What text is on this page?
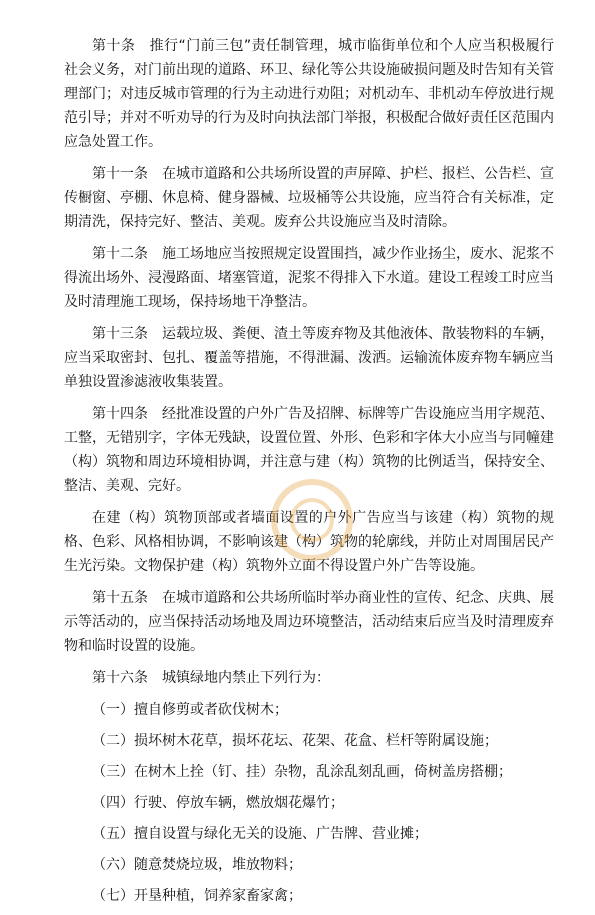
第十条　推行“门前三包”责任制管理，城市临街单位和个人应当积极履行社会义务，对门前出现的道路、环卫、绿化等公共设施破损问题及时告知有关管理部门；对违反城市管理的行为主动进行劝阻；对机动车、非机动车停放进行规范引导；并对不听劝导的行为及时向执法部门举报，积极配合做好责任区范围内应急处置工作。

第十一条　在城市道路和公共场所设置的声屏障、护栏、报栏、公告栏、宣传橱窗、亭棚、休息椅、健身器械、垃圾桶等公共设施，应当符合有关标准，定期清洗，保持完好、整洁、美观。废弃公共设施应当及时清除。

第十二条　施工场地应当按照规定设置围挡，减少作业扬尘，废水、泥浆不得流出场外、浸漫路面、堵塞管道，泥浆不得排入下水道。建设工程竣工时应当及时清理施工现场，保持场地干净整洁。

第十三条　运载垃圾、粪便、渣土等废弃物及其他液体、散装物料的车辆，应当采取密封、包扎、覆盖等措施，不得泄漏、泼洒。运输流体废弃物车辆应当单独设置渗滤液收集装置。

第十四条　经批准设置的户外广告及招牌、标牌等广告设施应当用字规范、工整，无错别字，字体无残缺，设置位置、外形、色彩和字体大小应当与同幢建（构）筑物和周边环境相协调，并注意与建（构）筑物的比例适当，保持安全、整洁、美观、完好。

在建（构）筑物顶部或者墙面设置的户外广告应当与该建（构）筑物的规格、色彩、风格相协调，不影响该建（构）筑物的轮廓线，并防止对周围居民产生光污染。文物保护建（构）筑物外立面不得设置户外广告等设施。

第十五条　在城市道路和公共场所临时举办商业性的宣传、纪念、庆典、展示等活动的，应当保持活动场地及周边环境整洁，活动结束后应当及时清理废弃物和临时设置的设施。

第十六条　城镇绿地内禁止下列行为：

（一）擅自修剪或者砍伐树木；
（二）损坏树木花草，损坏花坛、花架、花盒、栏杆等附属设施；
（三）在树木上拴（钉、挂）杂物，乱涂乱刻乱画，倚树盖房搭棚；
（四）行驶、停放车辆，燃放烟花爆竹；
（五）擅自设置与绿化无关的设施、广告牌、营业摊；
（六）随意焚烧垃圾，堆放物料；
（七）开垦种植，饲养家畜家禽；
